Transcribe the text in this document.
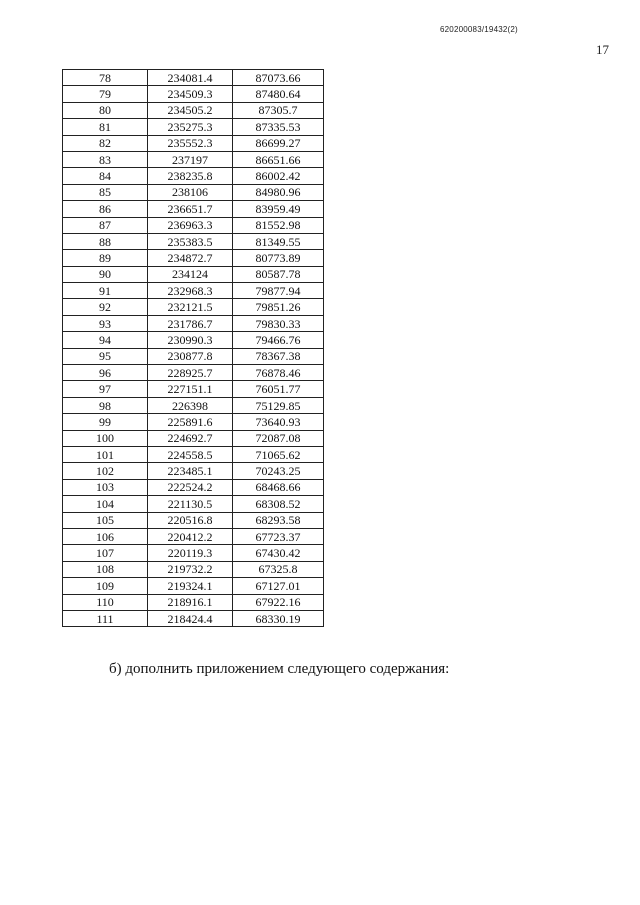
620200083/19432(2)
17
78	234081.4	87073.66
79	234509.3	87480.64
80	234505.2	87305.7
81	235275.3	87335.53
82	235552.3	86699.27
83	237197	86651.66
84	238235.8	86002.42
85	238106	84980.96
86	236651.7	83959.49
87	236963.3	81552.98
88	235383.5	81349.55
89	234872.7	80773.89
90	234124	80587.78
91	232968.3	79877.94
92	232121.5	79851.26
93	231786.7	79830.33
94	230990.3	79466.76
95	230877.8	78367.38
96	228925.7	76878.46
97	227151.1	76051.77
98	226398	75129.85
99	225891.6	73640.93
100	224692.7	72087.08
101	224558.5	71065.62
102	223485.1	70243.25
103	222524.2	68468.66
104	221130.5	68308.52
105	220516.8	68293.58
106	220412.2	67723.37
107	220119.3	67430.42
108	219732.2	67325.8
109	219324.1	67127.01
110	218916.1	67922.16
111	218424.4	68330.19
б) дополнить приложением следующего содержания:
